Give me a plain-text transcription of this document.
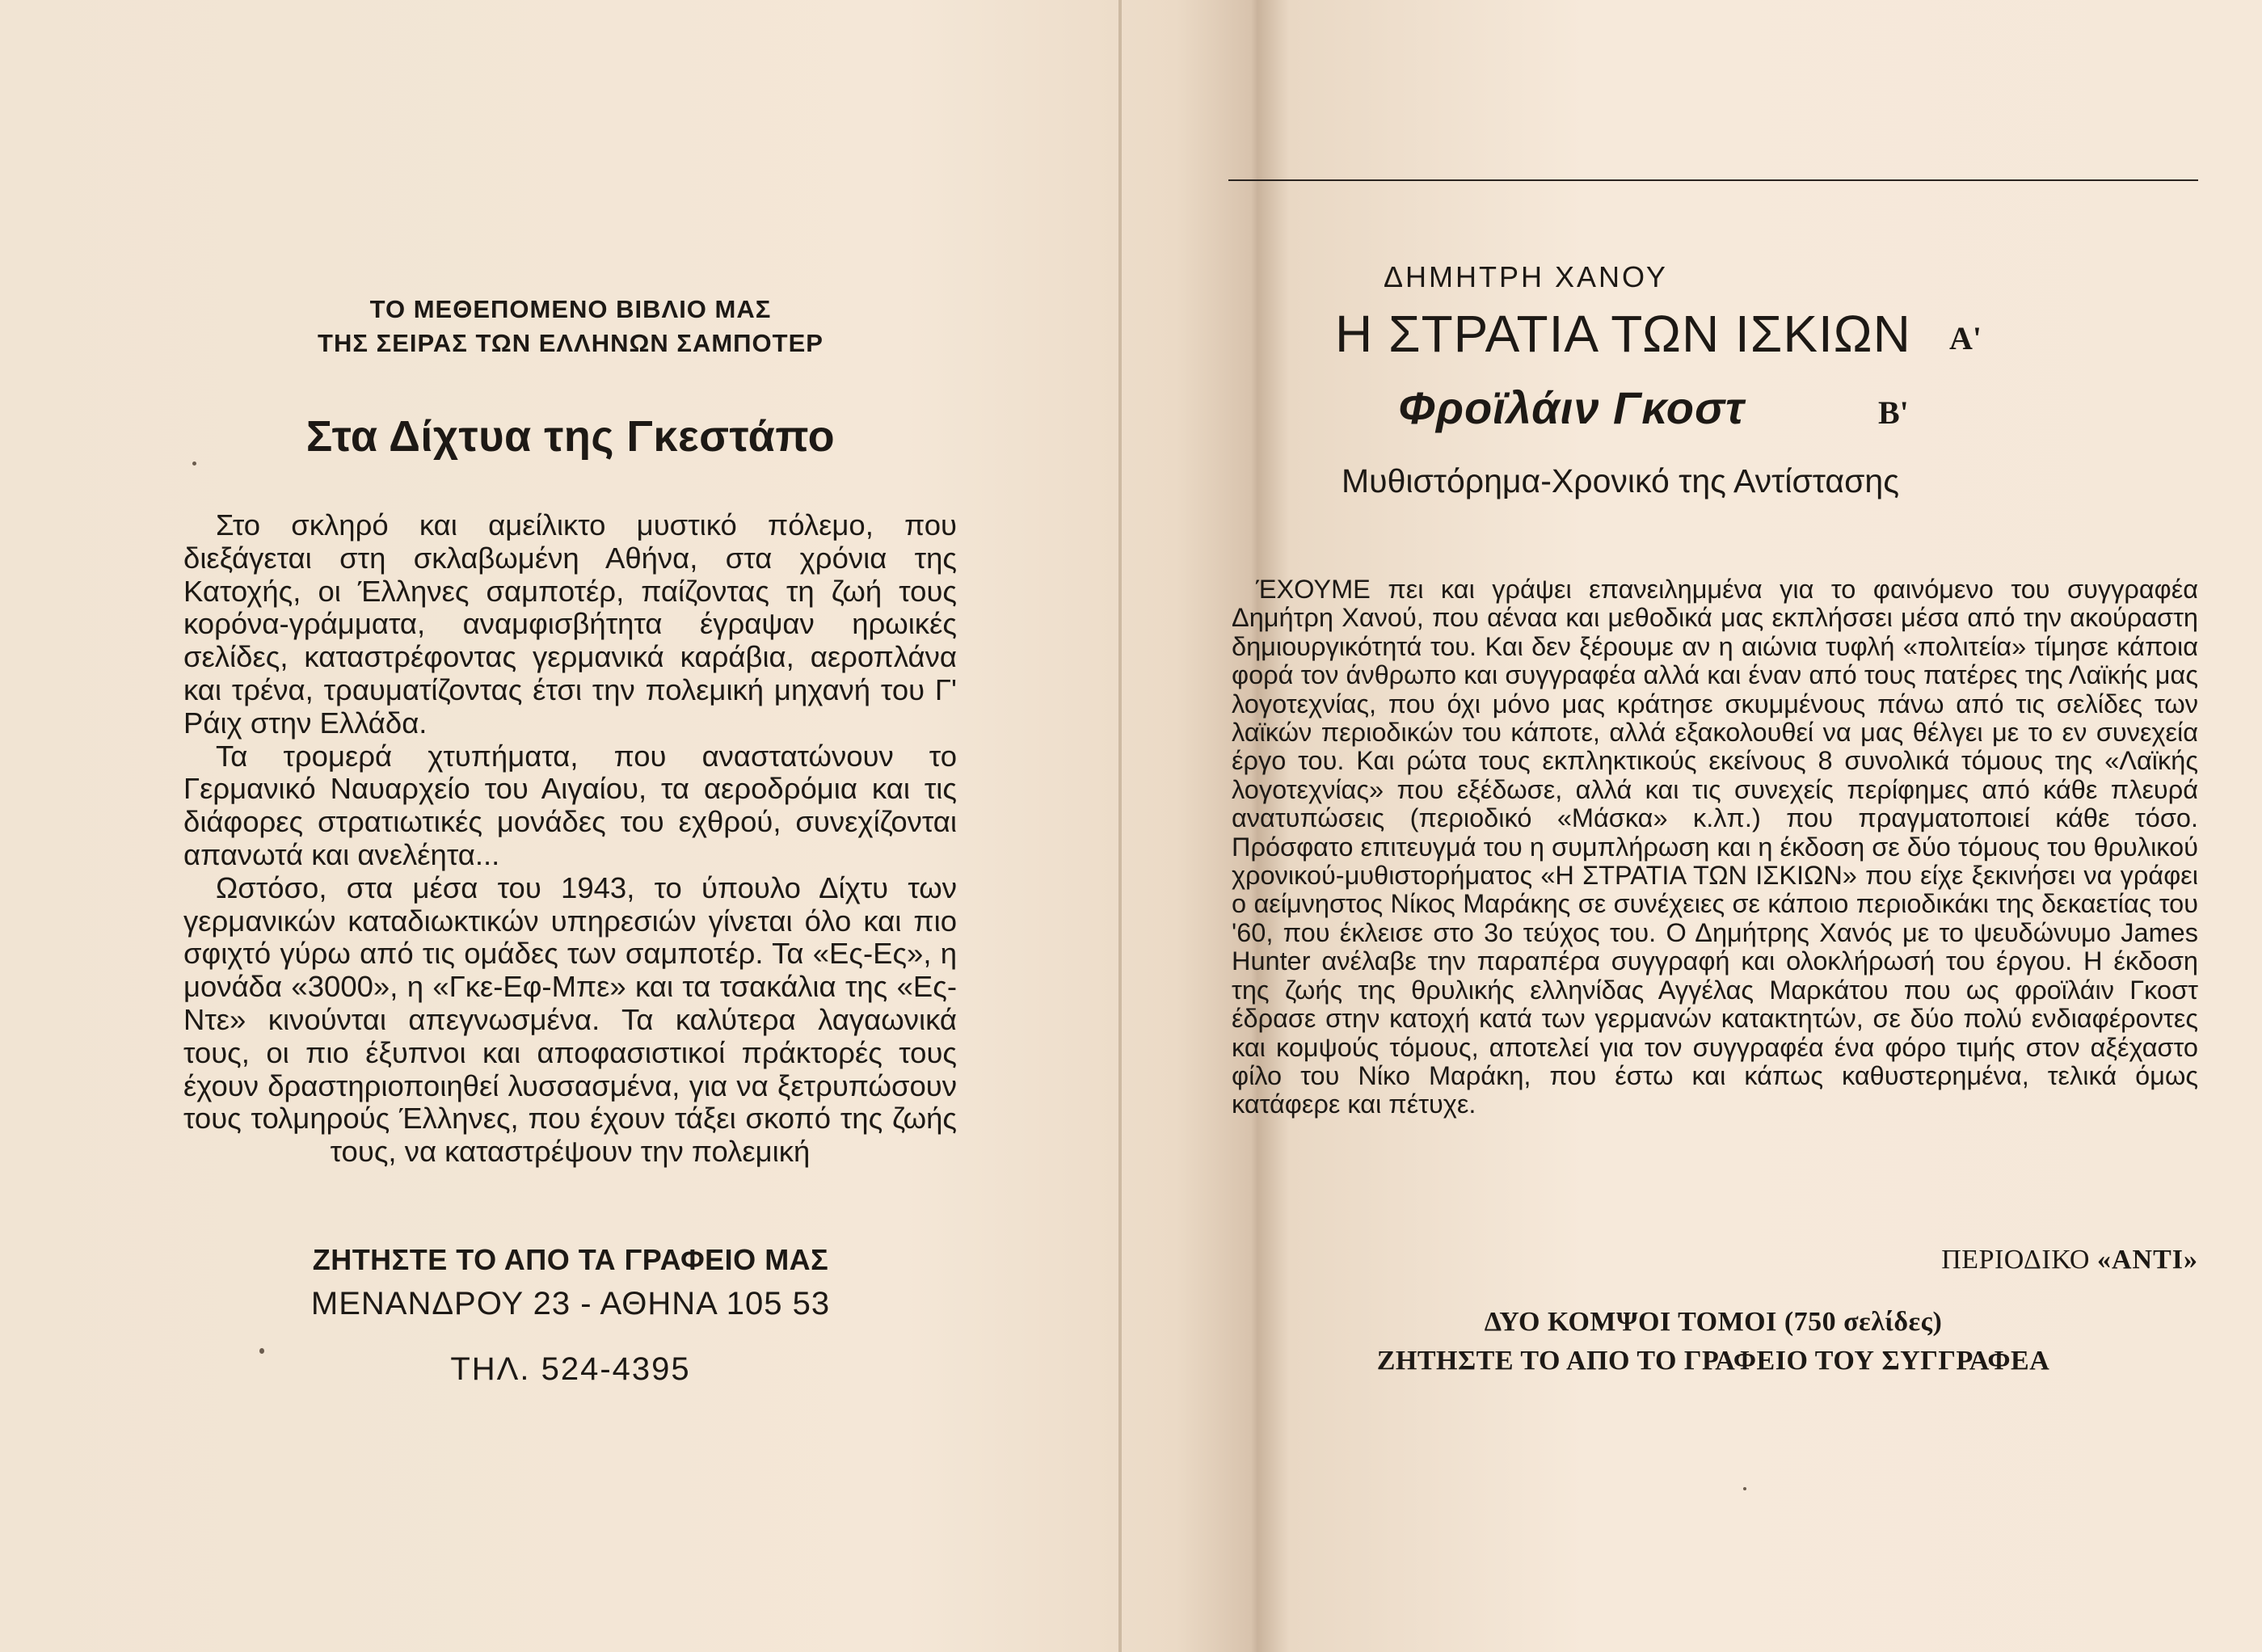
ΤΟ ΜΕΘΕΠΟΜΕΝΟ ΒΙΒΛΙΟ ΜΑΣ
ΤΗΣ ΣΕΙΡΑΣ ΤΩΝ ΕΛΛΗΝΩΝ ΣΑΜΠΟΤΕΡ
Στα Δίχτυα της Γκεστάπο

Στο σκληρό και αμείλικτο μυστικό πόλεμο, που διεξάγεται στη σκλαβωμένη Αθήνα, στα χρόνια της Κατοχής, οι Έλληνες σαμποτέρ, παίζοντας τη ζωή τους κορόνα-γράμματα, αναμφισβήτητα έγραψαν ηρωικές σελίδες, καταστρέφοντας γερμανικά καράβια, αεροπλάνα και τρένα, τραυματίζοντας έτσι την πολεμική μηχανή του Γ' Ράιχ στην Ελλάδα.

Τα τρομερά χτυπήματα, που αναστατώνουν το Γερμανικό Ναυαρχείο του Αιγαίου, τα αεροδρόμια και τις διάφορες στρατιωτικές μονάδες του εχθρού, συνεχίζονται απανωτά και ανελέητα...

Ωστόσο, στα μέσα του 1943, το ύπουλο Δίχτυ των γερμανικών καταδιωκτικών υπηρεσιών γίνεται όλο και πιο σφιχτό γύρω από τις ομάδες των σαμποτέρ. Τα «Ες-Ες», η μονάδα «3000», η «Γκε-Εφ-Μπε» και τα τσακάλια της «Ες-Ντε» κινούνται απεγνωσμένα. Τα καλύτερα λαγαωνικά τους, οι πιο έξυπνοι και αποφασιστικοί πράκτορές τους έχουν δραστηριοποιηθεί λυσσασμένα, για να ξετρυπώσουν τους τολμηρούς Έλληνες, που έχουν τάξει σκοπό της ζωής τους, να καταστρέψουν την πολεμική

ΖΗΤΗΣΤΕ ΤΟ ΑΠΟ ΤΑ ΓΡΑΦΕΙΟ ΜΑΣ
ΜΕΝΑΝΔΡΟΥ 23 - ΑΘΗΝΑ 105 53
ΤΗΛ. 524-4395
ΔΗΜΗΤΡΗ ΧΑΝΟΥ
Η ΣΤΡΑΤΙΑ ΤΩΝ ΙΣΚΙΩΝ Α'
Φροϊλάιν Γκοστ	Β'
Μυθιστόρημα-Χρονικό της Αντίστασης

ΈΧΟΥΜΕ πει και γράψει επανειλημμένα για το φαινόμενο του συγγραφέα Δημήτρη Χανού, που αέναα και μεθοδικά μας εκπλήσσει μέσα από την ακούραστη δημιουργικότητά του. Και δεν ξέρουμε αν η αιώνια τυφλή «πολιτεία» τίμησε κάποια φορά τον άνθρωπο και συγγραφέα αλλά και έναν από τους πατέρες της Λαϊκής μας λογοτεχνίας, που όχι μόνο μας κράτησε σκυμμένους πάνω από τις σελίδες των λαϊκών περιοδικών του κάποτε, αλλά εξακολουθεί να μας θέλγει με το εν συνεχεία έργο του. Και ρώτα τους εκπληκτικούς εκείνους 8 συνολικά τόμους της «Λαϊκής λογοτεχνίας» που εξέδωσε, αλλά και τις συνεχείς περίφημες από κάθε πλευρά ανατυπώσεις (περιοδικό «Μάσκα» κ.λπ.) που πραγματοποιεί κάθε τόσο. Πρόσφατο επιτευγμά του η συμπλήρωση και η έκδοση σε δύο τόμους του θρυλικού χρονικού-μυθιστορήματος «Η ΣΤΡΑΤΙΑ ΤΩΝ ΙΣΚΙΩΝ» που είχε ξεκινήσει να γράφει ο αείμνηστος Νίκος Μαράκης σε συνέχειες σε κάποιο περιοδικάκι της δεκαετίας του '60, που έκλεισε στο 3ο τεύχος του. Ο Δημήτρης Χανός με το ψευδώνυμο James Hunter ανέλαβε την παραπέρα συγγραφή και ολοκλήρωσή του έργου. Η έκδοση της ζωής της θρυλικής ελληνίδας Αγγέλας Μαρκάτου που ως φροϊλάιν Γκοστ έδρασε στην κατοχή κατά των γερμανών κατακτητών, σε δύο πολύ ενδιαφέροντες και κομψούς τόμους, αποτελεί για τον συγγραφέα ένα φόρο τιμής στον αξέχαστο φίλο του Νίκο Μαράκη, που έστω και κάπως καθυστερημένα, τελικά όμως κατάφερε και πέτυχε.

ΠΕΡΙΟΔΙΚΟ «ΑΝΤΙ»
ΔΥΟ ΚΟΜΨΟΙ ΤΟΜΟΙ (750 σελίδες)
ΖΗΤΗΣΤΕ ΤΟ ΑΠΟ ΤΟ ΓΡΑΦΕΙΟ ΤΟΥ ΣΥΓΓΡΑΦΕΑ
